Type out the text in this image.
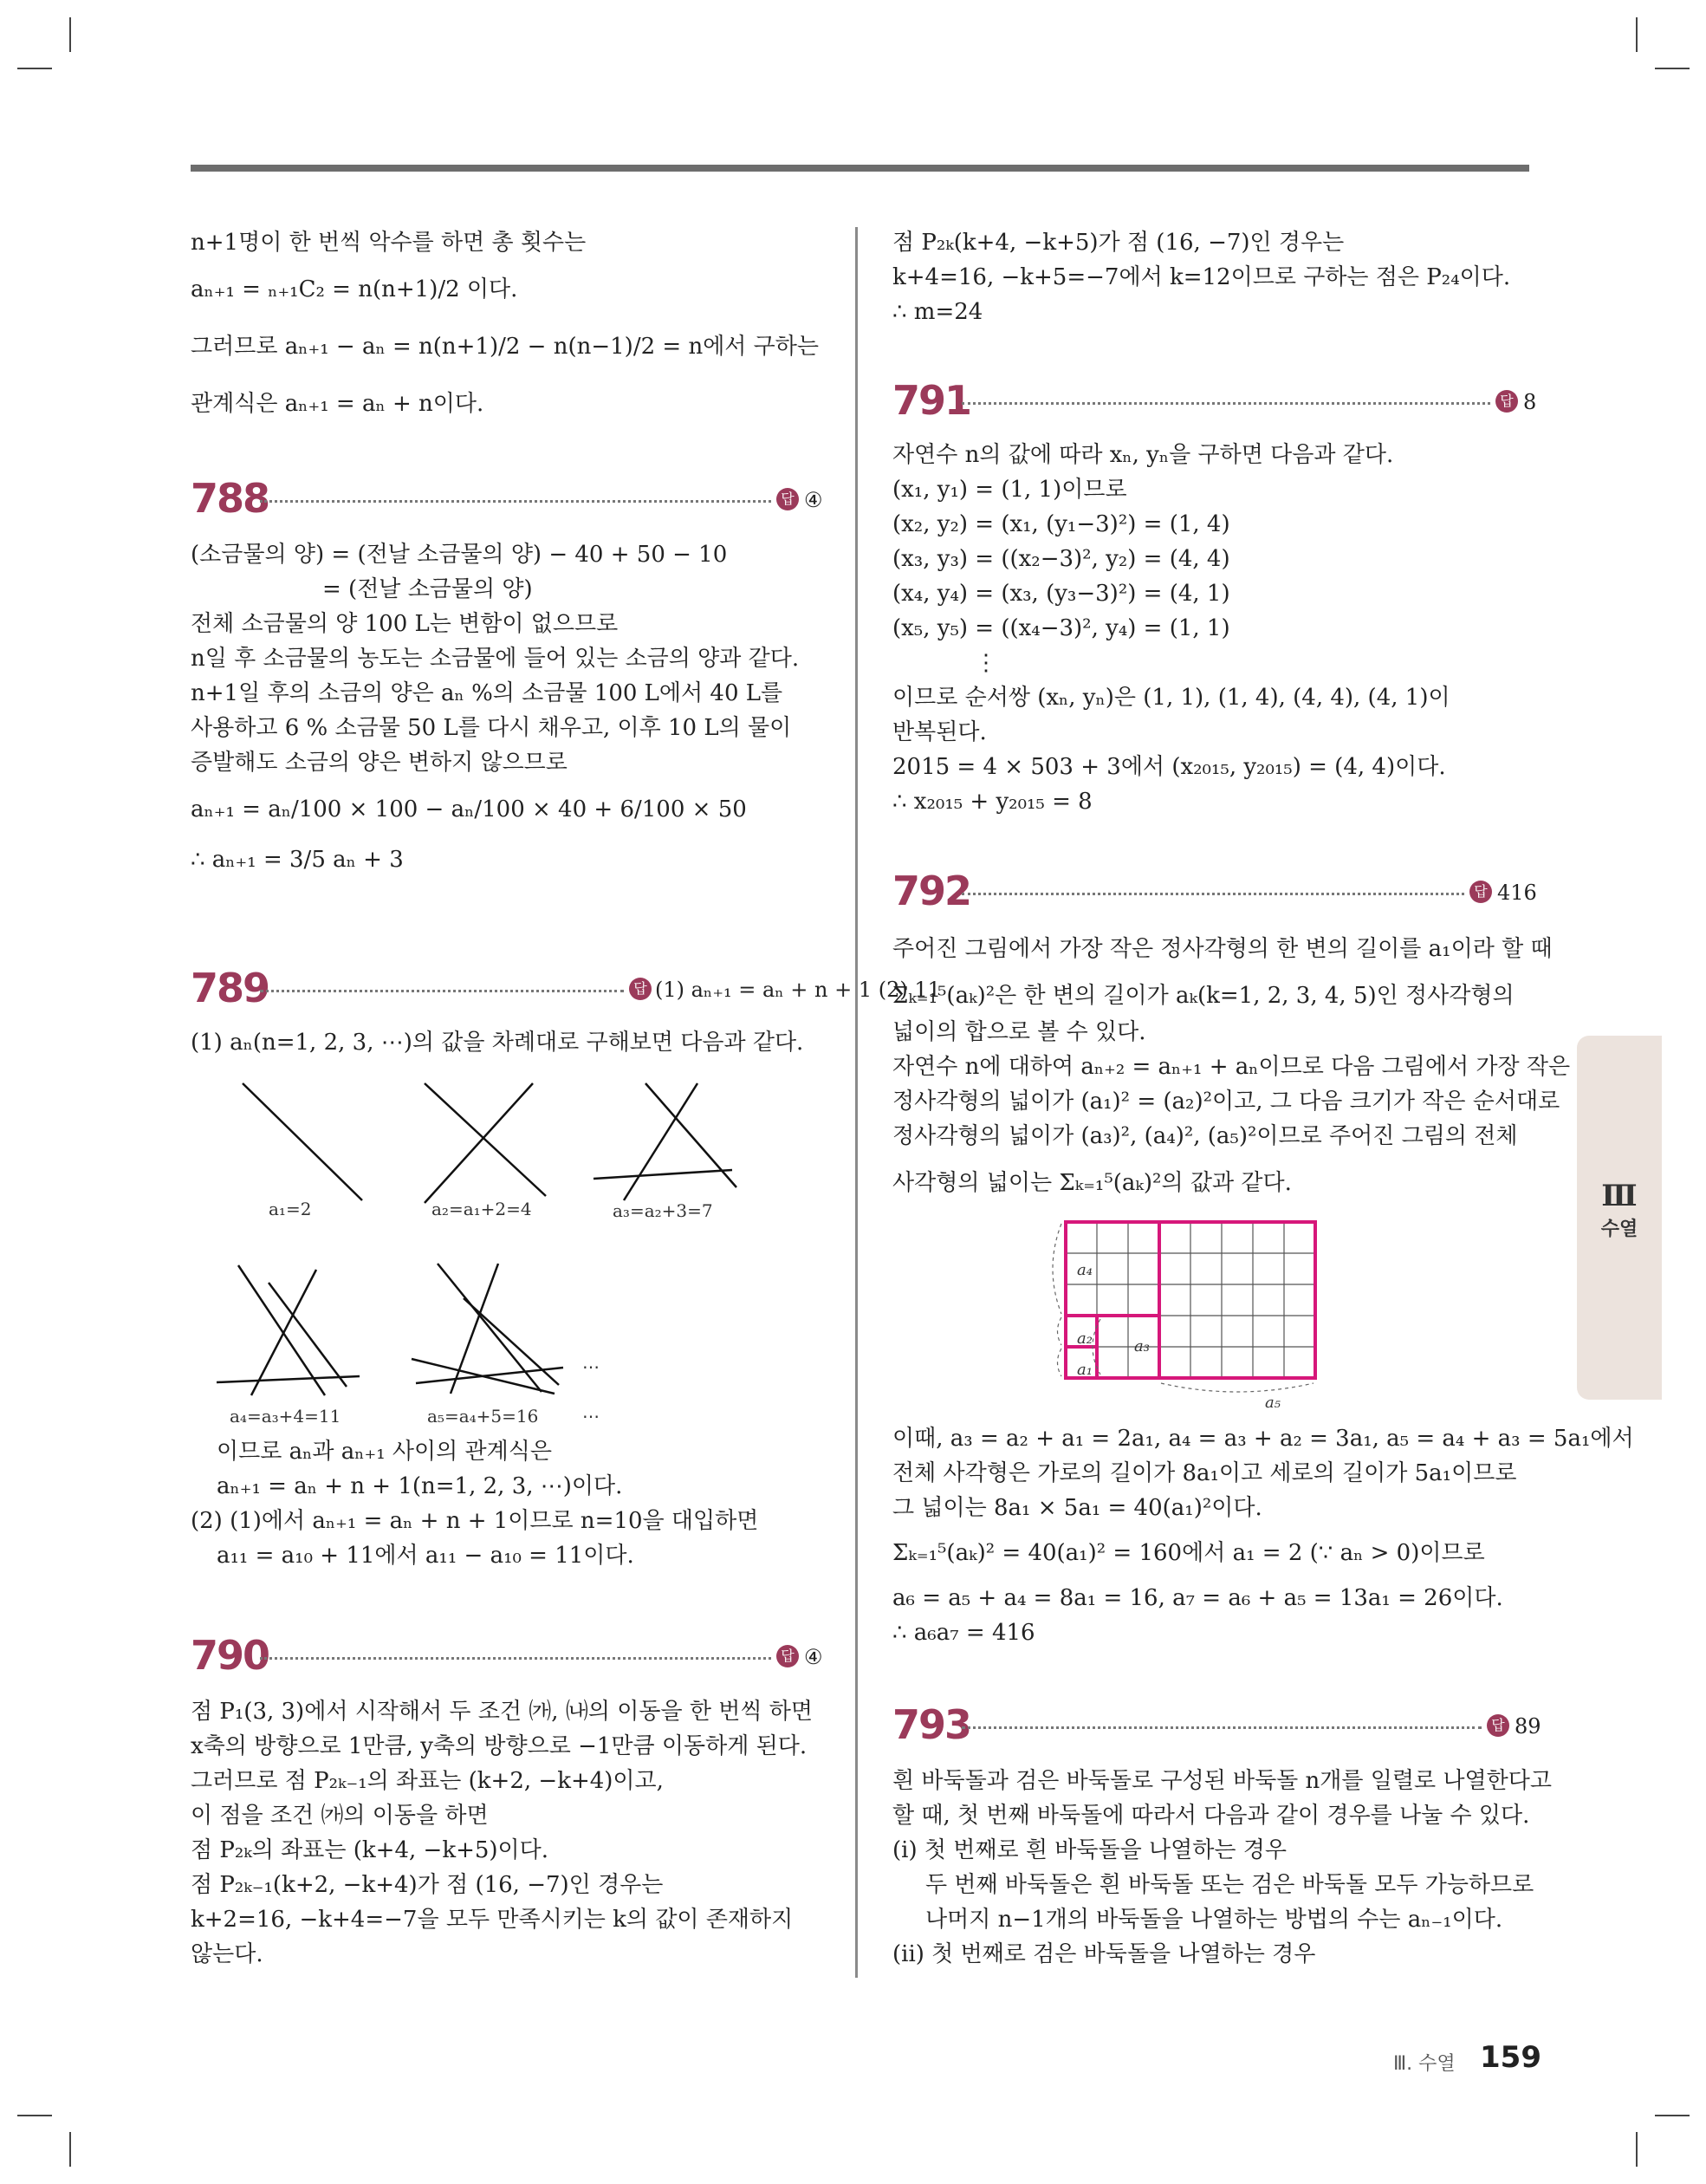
n+1명이 한 번씩 악수를 하면 총 횟수는
aₙ₊₁ = ₙ₊₁C₂ = n(n+1)/2 이다.
그러므로 aₙ₊₁ − aₙ = n(n+1)/2 − n(n−1)/2 = n에서 구하는
관계식은 aₙ₊₁ = aₙ + n이다.
788	답 ④
(소금물의 양) = (전날 소금물의 양) − 40 + 50 − 10
= (전날 소금물의 양)
전체 소금물의 양 100 L는 변함이 없으므로
n일 후 소금물의 농도는 소금물에 들어 있는 소금의 양과 같다.
n+1일 후의 소금의 양은 aₙ %의 소금물 100 L에서 40 L를
사용하고 6 % 소금물 50 L를 다시 채우고, 이후 10 L의 물이
증발해도 소금의 양은 변하지 않으므로
aₙ₊₁ = aₙ/100 × 100 − aₙ/100 × 40 + 6/100 × 50
∴ aₙ₊₁ = 3/5 aₙ + 3
789	답 (1) aₙ₊₁ = aₙ + n + 1 (2) 11
(1) aₙ(n=1, 2, 3, ⋯)의 값을 차례대로 구해보면 다음과 같다.
a₁=2	a₂=a₁+2=4	a₃=a₂+3=7
⋯
a₄=a₃+4=11	a₅=a₄+5=16	⋯
이므로 aₙ과 aₙ₊₁ 사이의 관계식은
aₙ₊₁ = aₙ + n + 1(n=1, 2, 3, ⋯)이다.
(2) (1)에서 aₙ₊₁ = aₙ + n + 1이므로 n=10을 대입하면
a₁₁ = a₁₀ + 11에서 a₁₁ − a₁₀ = 11이다.
790	답 ④
점 P₁(3, 3)에서 시작해서 두 조건 ㈎, ㈏의 이동을 한 번씩 하면
x축의 방향으로 1만큼, y축의 방향으로 −1만큼 이동하게 된다.
그러므로 점 P₂ₖ₋₁의 좌표는 (k+2, −k+4)이고,
이 점을 조건 ㈎의 이동을 하면
점 P₂ₖ의 좌표는 (k+4, −k+5)이다.
점 P₂ₖ₋₁(k+2, −k+4)가 점 (16, −7)인 경우는
k+2=16, −k+4=−7을 모두 만족시키는 k의 값이 존재하지
않는다.
점 P₂ₖ(k+4, −k+5)가 점 (16, −7)인 경우는
k+4=16, −k+5=−7에서 k=12이므로 구하는 점은 P₂₄이다.
∴ m=24
791	답 8
자연수 n의 값에 따라 xₙ, yₙ을 구하면 다음과 같다.
(x₁, y₁) = (1, 1)이므로
(x₂, y₂) = (x₁, (y₁−3)²) = (1, 4)
(x₃, y₃) = ((x₂−3)², y₂) = (4, 4)
(x₄, y₄) = (x₃, (y₃−3)²) = (4, 1)
(x₅, y₅) = ((x₄−3)², y₄) = (1, 1)
⋮
이므로 순서쌍 (xₙ, yₙ)은 (1, 1), (1, 4), (4, 4), (4, 1)이
반복된다.
2015 = 4 × 503 + 3에서 (x₂₀₁₅, y₂₀₁₅) = (4, 4)이다.
∴ x₂₀₁₅ + y₂₀₁₅ = 8
792	답 416
주어진 그림에서 가장 작은 정사각형의 한 변의 길이를 a₁이라 할 때
Σₖ₌₁⁵(aₖ)²은 한 변의 길이가 aₖ(k=1, 2, 3, 4, 5)인 정사각형의
넓이의 합으로 볼 수 있다.
자연수 n에 대하여 aₙ₊₂ = aₙ₊₁ + aₙ이므로 다음 그림에서 가장 작은
정사각형의 넓이가 (a₁)² = (a₂)²이고, 그 다음 크기가 작은 순서대로
정사각형의 넓이가 (a₃)², (a₄)², (a₅)²이므로 주어진 그림의 전체
사각형의 넓이는 Σₖ₌₁⁵(aₖ)²의 값과 같다.
a₄
a₂
a₁
a₃
a₅
이때, a₃ = a₂ + a₁ = 2a₁, a₄ = a₃ + a₂ = 3a₁, a₅ = a₄ + a₃ = 5a₁에서
전체 사각형은 가로의 길이가 8a₁이고 세로의 길이가 5a₁이므로
그 넓이는 8a₁ × 5a₁ = 40(a₁)²이다.
Σₖ₌₁⁵(aₖ)² = 40(a₁)² = 160에서 a₁ = 2 (∵ aₙ > 0)이므로
a₆ = a₅ + a₄ = 8a₁ = 16, a₇ = a₆ + a₅ = 13a₁ = 26이다.
∴ a₆a₇ = 416
793	답 89
흰 바둑돌과 검은 바둑돌로 구성된 바둑돌 n개를 일렬로 나열한다고
할 때, 첫 번째 바둑돌에 따라서 다음과 같이 경우를 나눌 수 있다.
(i) 첫 번째로 흰 바둑돌을 나열하는 경우
두 번째 바둑돌은 흰 바둑돌 또는 검은 바둑돌 모두 가능하므로
나머지 n−1개의 바둑돌을 나열하는 방법의 수는 aₙ₋₁이다.
(ii) 첫 번째로 검은 바둑돌을 나열하는 경우
Ⅲ
수열
Ⅲ. 수열 159
